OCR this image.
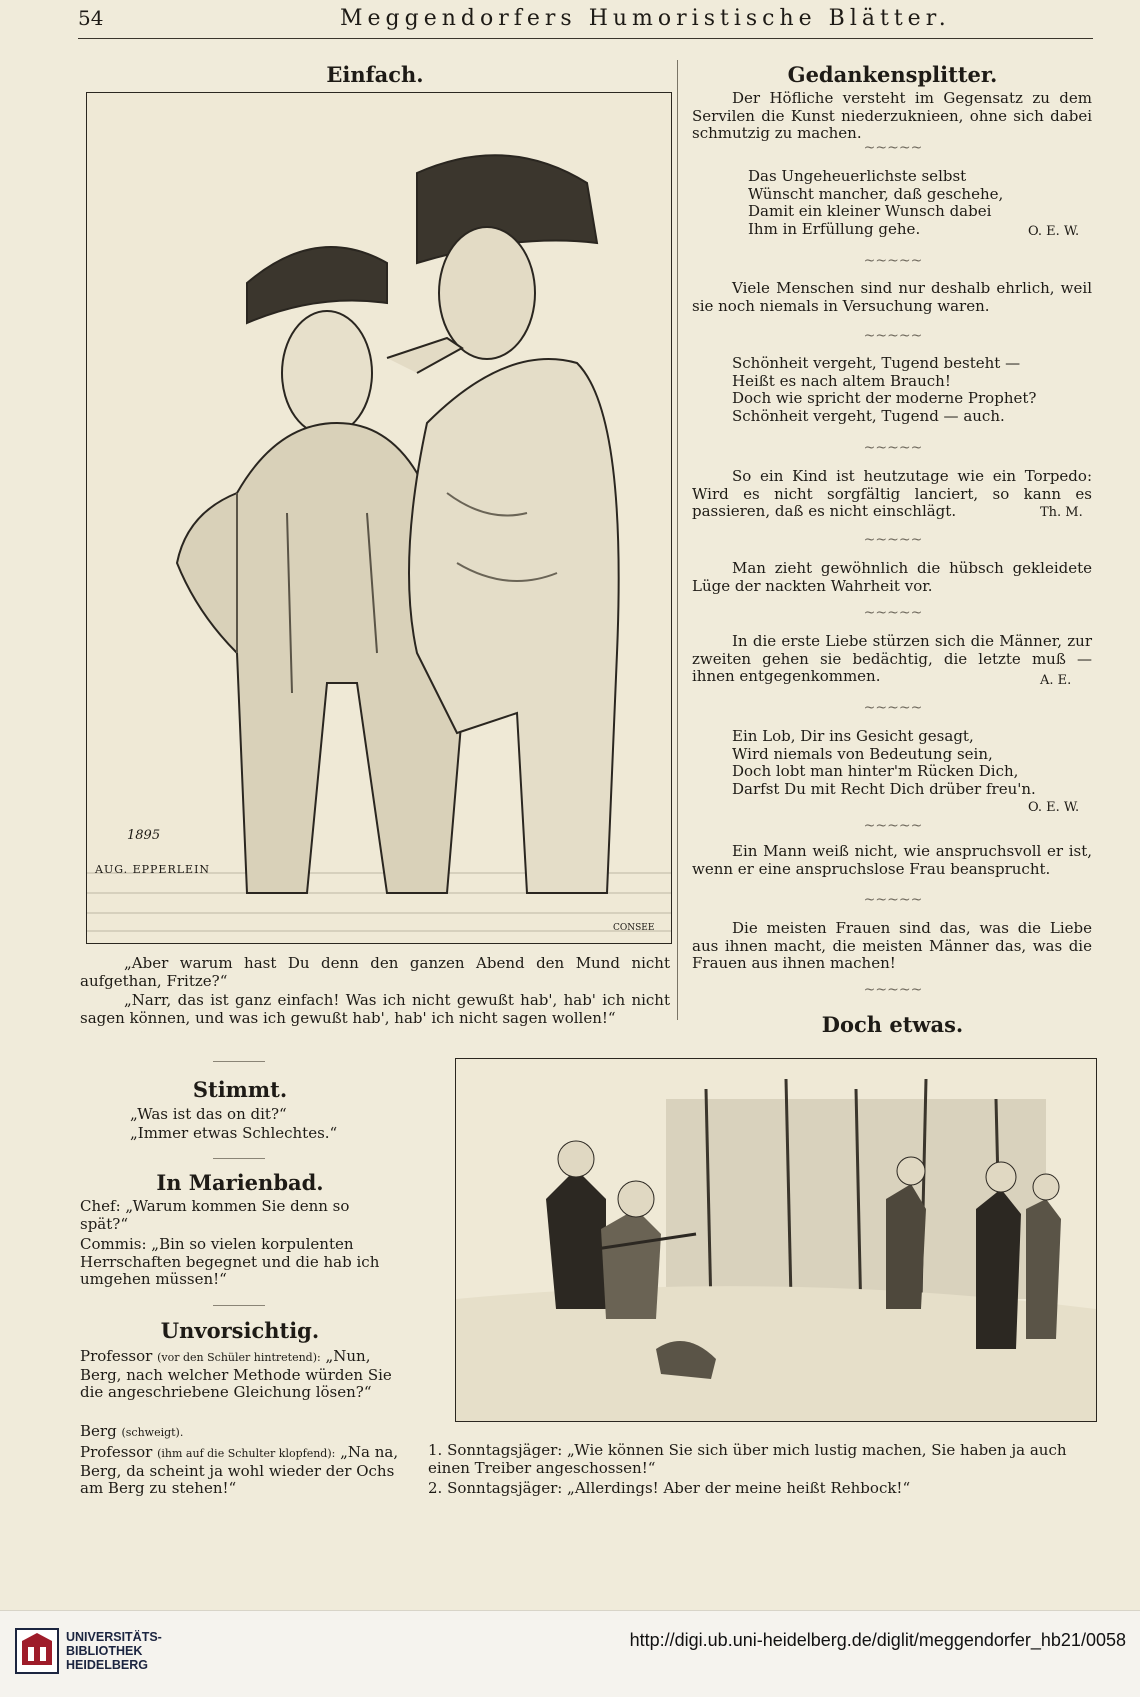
54	Meggendorfers Humoristische Blätter.
Einfach.
1895
AUG. EPPERLEIN
CONSEE

„Aber warum hast Du denn den ganzen Abend den Mund nicht aufgethan, Fritze?“

„Narr, das ist ganz einfach! Was ich nicht gewußt hab', hab' ich nicht sagen können, und was ich gewußt hab', hab' ich nicht sagen wollen!“

Stimmt.
„Was ist das on dit?“
„Immer etwas Schlechtes.“
In Marienbad.
Chef: „Warum kommen Sie denn so spät?“
Commis: „Bin so vielen korpulenten Herrschaften begegnet und die hab ich umgehen müssen!“
Unvorsichtig.
Professor (vor den Schüler hintretend): „Nun, Berg, nach welcher Methode würden Sie die angeschriebene Gleichung lösen?“
Berg (schweigt).
Professor (ihm auf die Schulter klopfend): „Na na, Berg, da scheint ja wohl wieder der Ochs am Berg zu stehen!“
Gedankensplitter.

Der Höfliche versteht im Gegensatz zu dem Servilen die Kunst niederzuknieen, ohne sich dabei schmutzig zu machen.

~~~~~
Das Ungeheuerlichste selbst
Wünscht mancher, daß geschehe,
Damit ein kleiner Wunsch dabei
Ihm in Erfüllung gehe.	O. E. W.
~~~~~

Viele Menschen sind nur deshalb ehrlich, weil sie noch niemals in Versuchung waren.

~~~~~
Schönheit vergeht, Tugend besteht —
Heißt es nach altem Brauch!
Doch wie spricht der moderne Prophet?
Schönheit vergeht, Tugend — auch.
~~~~~

So ein Kind ist heutzutage wie ein Torpedo: Wird es nicht sorgfältig lanciert, so kann es passieren, daß es nicht einschlägt.	Th. M.
~~~~~

Man zieht gewöhnlich die hübsch gekleidete Lüge der nackten Wahrheit vor.

~~~~~

In die erste Liebe stürzen sich die Männer, zur zweiten gehen sie bedächtig, die letzte muß — ihnen entgegenkommen.	A. E.
~~~~~
Ein Lob, Dir ins Gesicht gesagt,
Wird niemals von Bedeutung sein,
Doch lobt man hinter'm Rücken Dich,
Darfst Du mit Recht Dich drüber freu'n.
O. E. W.
~~~~~

Ein Mann weiß nicht, wie anspruchsvoll er ist, wenn er eine anspruchslose Frau beansprucht.

~~~~~

Die meisten Frauen sind das, was die Liebe aus ihnen macht, die meisten Männer das, was die Frauen aus ihnen machen!

~~~~~
Doch etwas.
1. Sonntagsjäger: „Wie können Sie sich über mich lustig machen, Sie haben ja auch einen Treiber angeschossen!“
2. Sonntagsjäger: „Allerdings! Aber der meine heißt Rehbock!“
UNIVERSITÄTS-
BIBLIOTHEK
HEIDELBERG
http://digi.ub.uni-heidelberg.de/diglit/meggendorfer_hb21/0058
